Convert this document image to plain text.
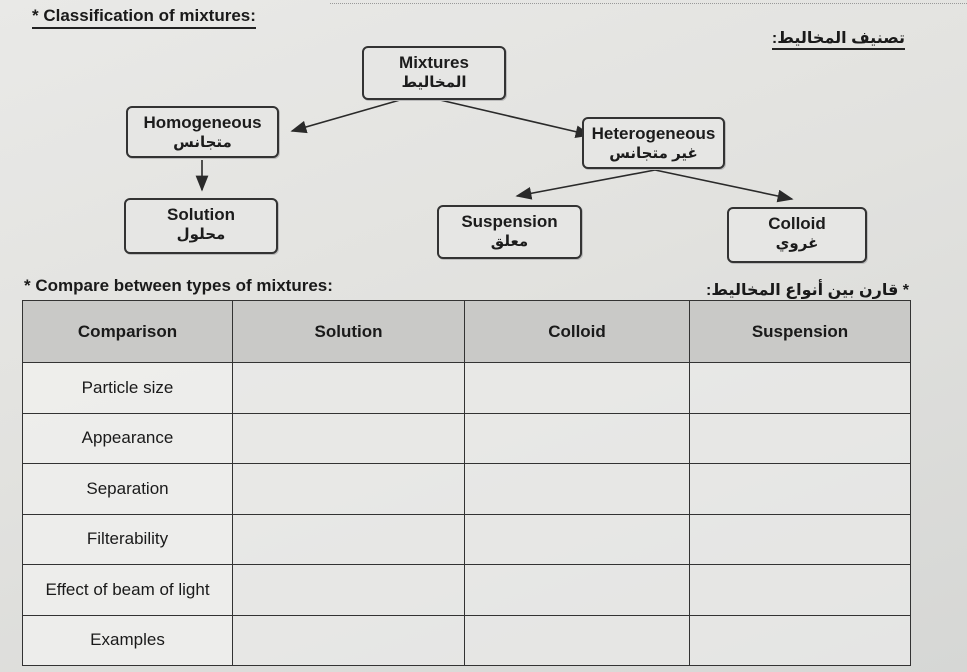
* Classification of mixtures:
تصنيف المخاليط:
Mixtures
المخاليط
Homogeneous
متجانس	Heterogeneous
غير متجانس
Solution
محلول
Suspension
معلق
Colloid
غروي
* Compare between types of mixtures:	* قارن بين أنواع المخاليط:
Comparison	Solution	Colloid	Suspension
Particle size			
Appearance			
Separation			
Filterability			
Effect of beam of light			
Examples			
